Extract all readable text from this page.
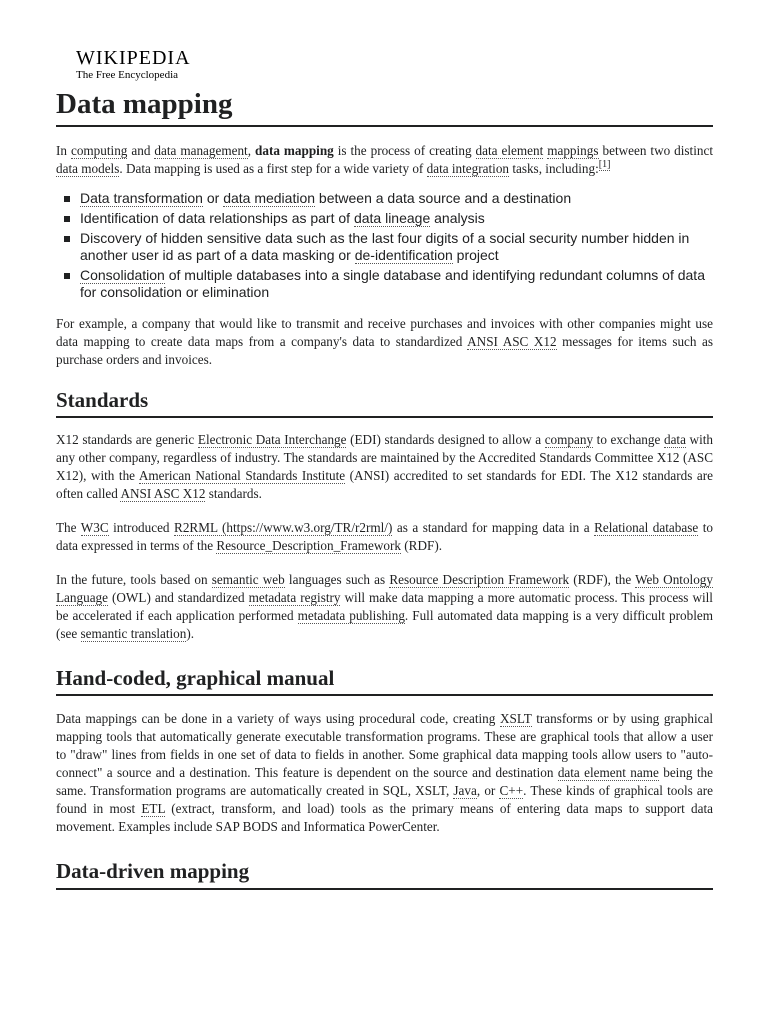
WIKIPEDIA
The Free Encyclopedia
Data mapping

In computing and data management, data mapping is the process of creating data element mappings between two distinct data models. Data mapping is used as a first step for a wide variety of data integration tasks, including:[1]

Data transformation or data mediation between a data source and a destination
Identification of data relationships as part of data lineage analysis
Discovery of hidden sensitive data such as the last four digits of a social security number hidden in another user id as part of a data masking or de-identification project
Consolidation of multiple databases into a single database and identifying redundant columns of data for consolidation or elimination

For example, a company that would like to transmit and receive purchases and invoices with other companies might use data mapping to create data maps from a company's data to standardized ANSI ASC X12 messages for items such as purchase orders and invoices.

Standards

X12 standards are generic Electronic Data Interchange (EDI) standards designed to allow a company to exchange data with any other company, regardless of industry. The standards are maintained by the Accredited Standards Committee X12 (ASC X12), with the American National Standards Institute (ANSI) accredited to set standards for EDI. The X12 standards are often called ANSI ASC X12 standards.

The W3C introduced R2RML (https://www.w3.org/TR/r2rml/) as a standard for mapping data in a Relational database to data expressed in terms of the Resource_Description_Framework (RDF).

In the future, tools based on semantic web languages such as Resource Description Framework (RDF), the Web Ontology Language (OWL) and standardized metadata registry will make data mapping a more automatic process. This process will be accelerated if each application performed metadata publishing. Full automated data mapping is a very difficult problem (see semantic translation).

Hand-coded, graphical manual

Data mappings can be done in a variety of ways using procedural code, creating XSLT transforms or by using graphical mapping tools that automatically generate executable transformation programs. These are graphical tools that allow a user to "draw" lines from fields in one set of data to fields in another. Some graphical data mapping tools allow users to "auto-connect" a source and a destination. This feature is dependent on the source and destination data element name being the same. Transformation programs are automatically created in SQL, XSLT, Java, or C++. These kinds of graphical tools are found in most ETL (extract, transform, and load) tools as the primary means of entering data maps to support data movement. Examples include SAP BODS and Informatica PowerCenter.

Data-driven mapping
